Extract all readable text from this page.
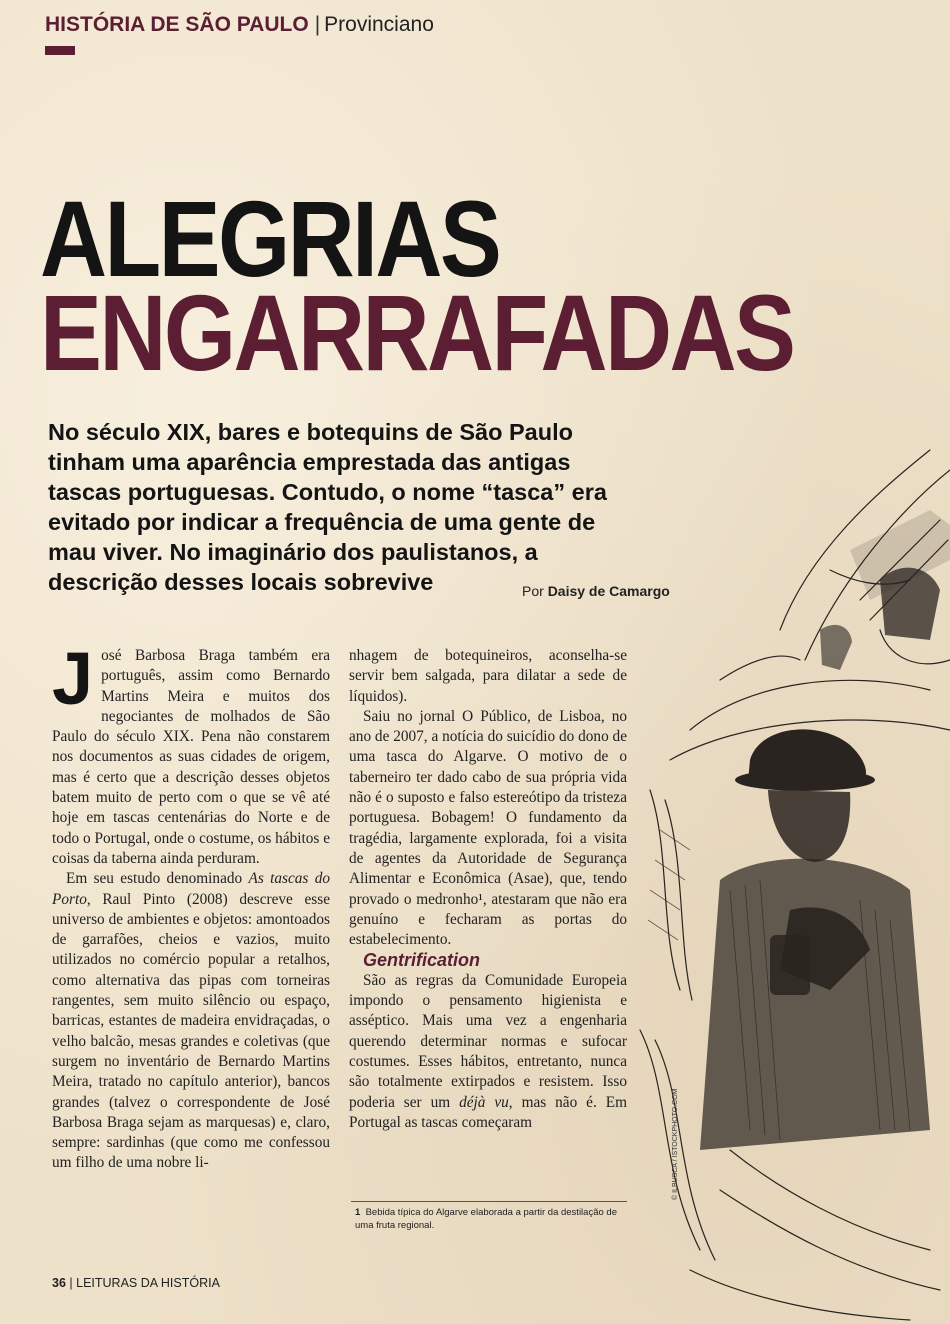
HISTÓRIA DE SÃO PAULO | Provinciano
ALEGRIAS
ENGARRAFADAS
No século XIX, bares e botequins de São Paulo tinham uma aparência emprestada das antigas tascas portuguesas. Contudo, o nome “tasca” era evitado por indicar a frequência de uma gente de mau viver. No imaginário dos paulistanos, a descrição desses locais sobrevive	Por Daisy de Camargo

José Barbosa Braga também era português, assim como Bernardo Martins Meira e muitos dos negociantes de molhados de São Paulo do século XIX. Pena não constarem nos documentos as suas cidades de origem, mas é certo que a descrição desses objetos batem muito de perto com o que se vê até hoje em tascas centenárias do Norte e de todo o Portugal, onde o costume, os hábitos e coisas da taberna ainda perduram.

Em seu estudo denominado As tascas do Porto, Raul Pinto (2008) descreve esse universo de ambientes e objetos: amontoados de garrafões, cheios e vazios, muito utilizados no comércio popular a retalhos, como alternativa das pipas com torneiras rangentes, sem muito silêncio ou espaço, barricas, estantes de madeira envidraçadas, o velho balcão, mesas grandes e coletivas (que surgem no inventário de Bernardo Martins Meira, tratado no capítulo anterior), bancos grandes (talvez o correspondente de José Barbosa Braga sejam as marquesas) e, claro, sempre: sardinhas (que como me confessou um filho de uma nobre li-

nhagem de botequineiros, aconselha-se servir bem salgada, para dilatar a sede de líquidos).

Saiu no jornal O Público, de Lisboa, no ano de 2007, a notícia do suicídio do dono de uma tasca do Algarve. O motivo de o taberneiro ter dado cabo de sua própria vida não é o suposto e falso estereótipo da tristeza portuguesa. Bobagem! O fundamento da tragédia, largamente explorada, foi a visita de agentes da Autoridade de Segurança Alimentar e Econômica (Asae), que, tendo provado o medronho¹, atestaram que não era genuíno e fecharam as portas do estabelecimento.

Gentrification

São as regras da Comunidade Europeia impondo o pensamento higienista e asséptico. Mais uma vez a engenharia querendo determinar normas e sufocar costumes. Esses hábitos, entretanto, nunca são totalmente extirpados e resistem. Isso poderia ser um déjà vu, mas não é. Em Portugal as tascas começaram

1 Bebida típica do Algarve elaborada a partir da destilação de uma fruta regional.
36 | LEITURAS DA HISTÓRIA
© ILBUSCA / ISTOCKPHOTO.COM
